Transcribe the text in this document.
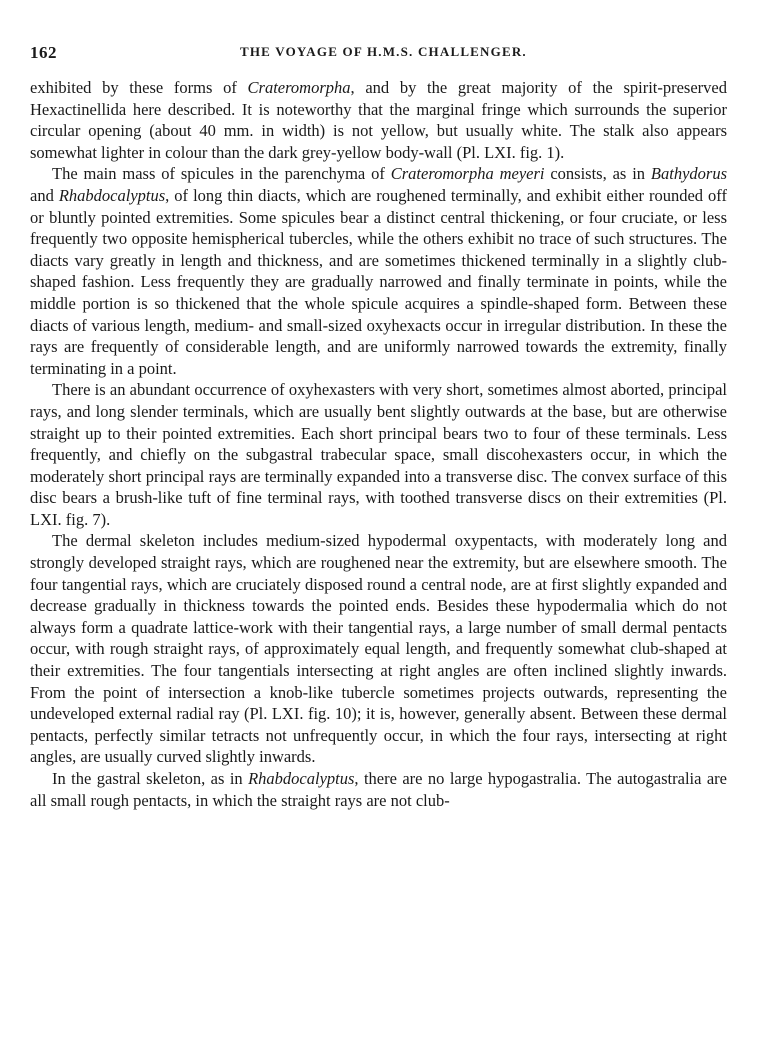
162	THE VOYAGE OF H.M.S. CHALLENGER.

exhibited by these forms of Crateromorpha, and by the great majority of the spirit-preserved Hexactinellida here described. It is noteworthy that the marginal fringe which surrounds the superior circular opening (about 40 mm. in width) is not yellow, but usually white. The stalk also appears somewhat lighter in colour than the dark grey-yellow body-wall (Pl. LXI. fig. 1).

The main mass of spicules in the parenchyma of Crateromorpha meyeri consists, as in Bathydorus and Rhabdocalyptus, of long thin diacts, which are roughened terminally, and exhibit either rounded off or bluntly pointed extremities. Some spicules bear a distinct central thickening, or four cruciate, or less frequently two opposite hemispherical tubercles, while the others exhibit no trace of such structures. The diacts vary greatly in length and thickness, and are sometimes thickened terminally in a slightly club-shaped fashion. Less frequently they are gradually narrowed and finally terminate in points, while the middle portion is so thickened that the whole spicule acquires a spindle-shaped form. Between these diacts of various length, medium- and small-sized oxyhexacts occur in irregular distribution. In these the rays are frequently of considerable length, and are uniformly narrowed towards the extremity, finally terminating in a point.

There is an abundant occurrence of oxyhexasters with very short, sometimes almost aborted, principal rays, and long slender terminals, which are usually bent slightly outwards at the base, but are otherwise straight up to their pointed extremities. Each short principal bears two to four of these terminals. Less frequently, and chiefly on the subgastral trabecular space, small discohexasters occur, in which the moderately short principal rays are terminally expanded into a transverse disc. The convex surface of this disc bears a brush-like tuft of fine terminal rays, with toothed transverse discs on their extremities (Pl. LXI. fig. 7).

The dermal skeleton includes medium-sized hypodermal oxypentacts, with moderately long and strongly developed straight rays, which are roughened near the extremity, but are elsewhere smooth. The four tangential rays, which are cruciately disposed round a central node, are at first slightly expanded and decrease gradually in thickness towards the pointed ends. Besides these hypodermalia which do not always form a quadrate lattice-work with their tangential rays, a large number of small dermal pentacts occur, with rough straight rays, of approximately equal length, and frequently somewhat club-shaped at their extremities. The four tangentials intersecting at right angles are often inclined slightly inwards. From the point of intersection a knob-like tubercle sometimes projects outwards, representing the undeveloped external radial ray (Pl. LXI. fig. 10); it is, however, generally absent. Between these dermal pentacts, perfectly similar tetracts not unfrequently occur, in which the four rays, intersecting at right angles, are usually curved slightly inwards.

In the gastral skeleton, as in Rhabdocalyptus, there are no large hypogastralia. The autogastralia are all small rough pentacts, in which the straight rays are not club-
